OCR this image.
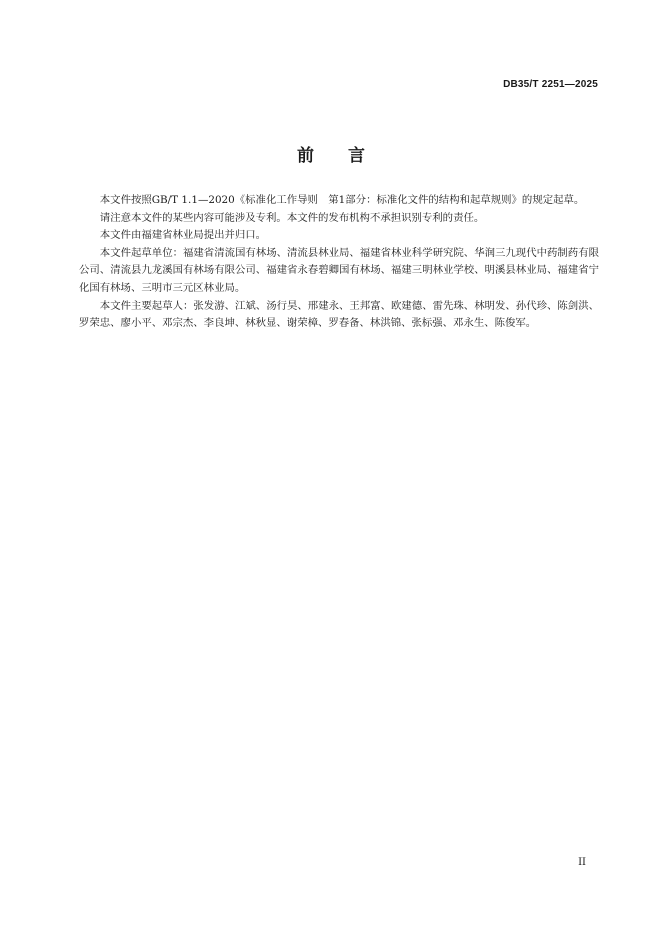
DB35/T 2251—2025
前 言

本文件按照GB/T 1.1—2020《标准化工作导则　第1部分：标准化文件的结构和起草规则》的规定起草。

请注意本文件的某些内容可能涉及专利。本文件的发布机构不承担识别专利的责任。

本文件由福建省林业局提出并归口。

本文件起草单位：福建省清流国有林场、清流县林业局、福建省林业科学研究院、华润三九现代中药制药有限公司、清流县九龙溪国有林场有限公司、福建省永春碧卿国有林场、福建三明林业学校、明溪县林业局、福建省宁化国有林场、三明市三元区林业局。

本文件主要起草人：张发游、江斌、汤行昊、邢建永、王邦富、欧建德、雷先珠、林明发、孙代珍、陈剑洪、罗荣忠、廖小平、邓宗杰、李良坤、林秋显、谢荣樟、罗春备、林洪锦、张标强、邓永生、陈俊军。

II
